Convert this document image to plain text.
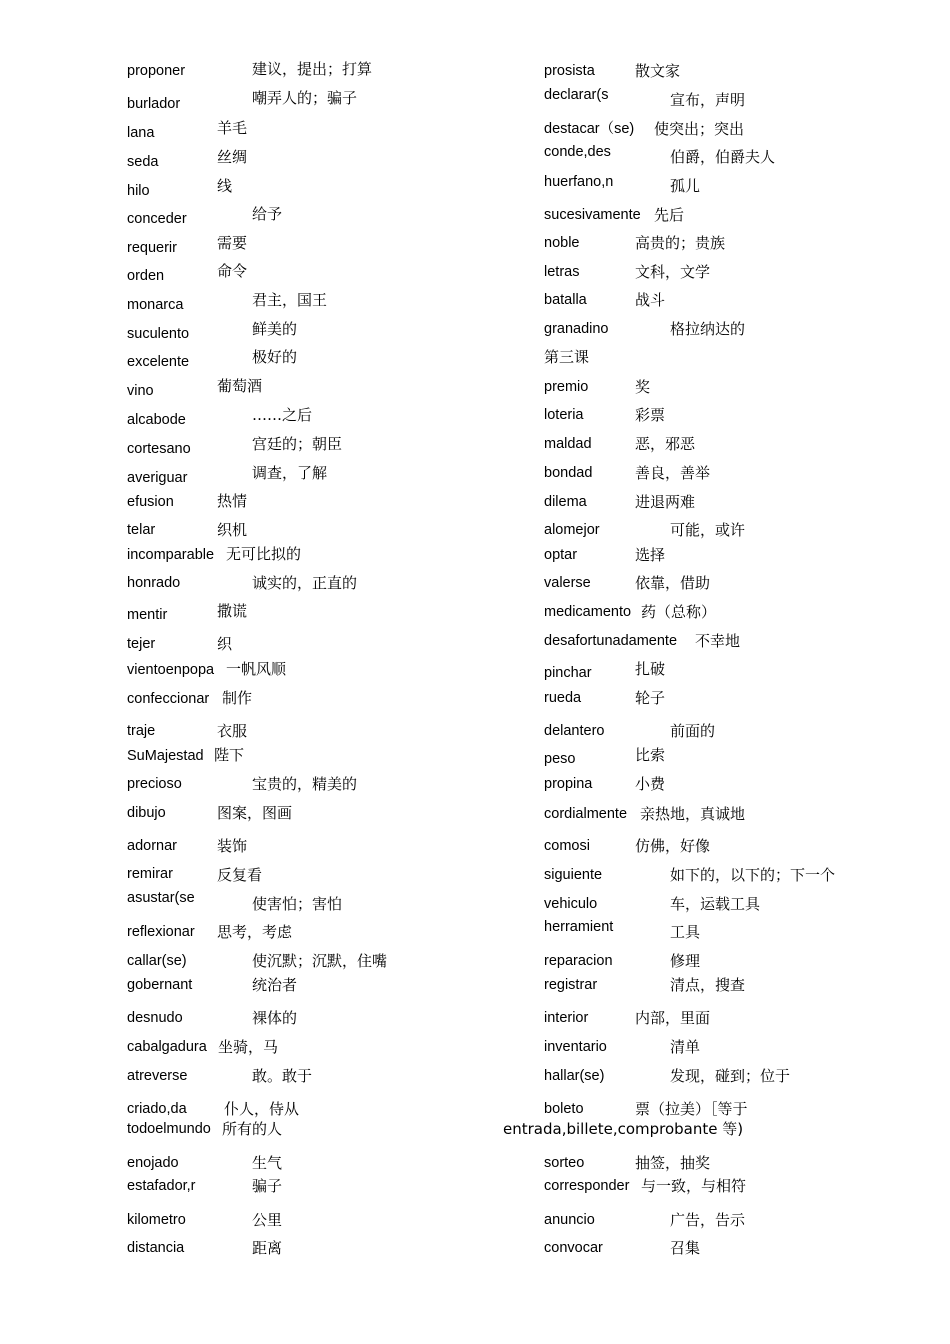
proponer	建议，提出；打算
burlador	嘲弄人的；骗子
lana	羊毛
seda	丝绸
hilo	线
conceder	给予
requerir	需要
orden	命令
monarca	君主，国王
suculento	鲜美的
excelente	极好的
vino	葡萄酒
alcabode	……之后
cortesano	宫廷的；朝臣
averiguar	调查，了解
efusion	热情
telar	织机
incomparable 无可比拟的
honrado	诚实的，正直的
mentir	撒谎
tejer	织
vientoenpopa 一帆风顺
confeccionar 制作
traje	衣服
SuMajestad 陛下
precioso	宝贵的，精美的
dibujo	图案，图画
adornar	装饰
remirar	反复看
asustar(se	使害怕；害怕
reflexionar 思考，考虑
callar(se)	使沉默；沉默，住嘴
gobernant	统治者
desnudo	裸体的
cabalgadura 坐骑，马
atreverse	敢。敢于
criado,da 仆人，侍从
todoelmundo 所有的人
enojado	生气
estafador,r	骗子
kilometro	公里
distancia	距离
prosista	散文家
declarar(s	宣布，声明
destacar（se) 使突出；突出
conde,des	伯爵，伯爵夫人
huerfano,n	孤儿
sucesivamente 先后
noble	高贵的；贵族
letras	文科，文学
batalla	战斗
granadino	格拉纳达的
第三课
premio	奖
loteria	彩票
maldad	恶，邪恶
bondad	善良，善举
dilema	进退两难
alomejor	可能，或许
optar	选择
valerse	依靠，借助
medicamento 药（总称）
desafortunadamente 不幸地
pinchar	扎破
rueda	轮子
delantero	前面的
peso	比索
propina	小费
cordialmente 亲热地，真诚地
comosi	仿佛，好像
siguiente	如下的，以下的；下一个
vehiculo	车，运载工具
herramient	工具
reparacion	修理
registrar	清点，搜查
interior	内部，里面
inventario	清单
hallar(se)	发现，碰到；位于
boleto	票（拉美）［等于
entrada,billete,comprobante 等)
sorteo	抽签，抽奖
corresponder 与一致，与相符
anuncio	广告，告示
convocar	召集
